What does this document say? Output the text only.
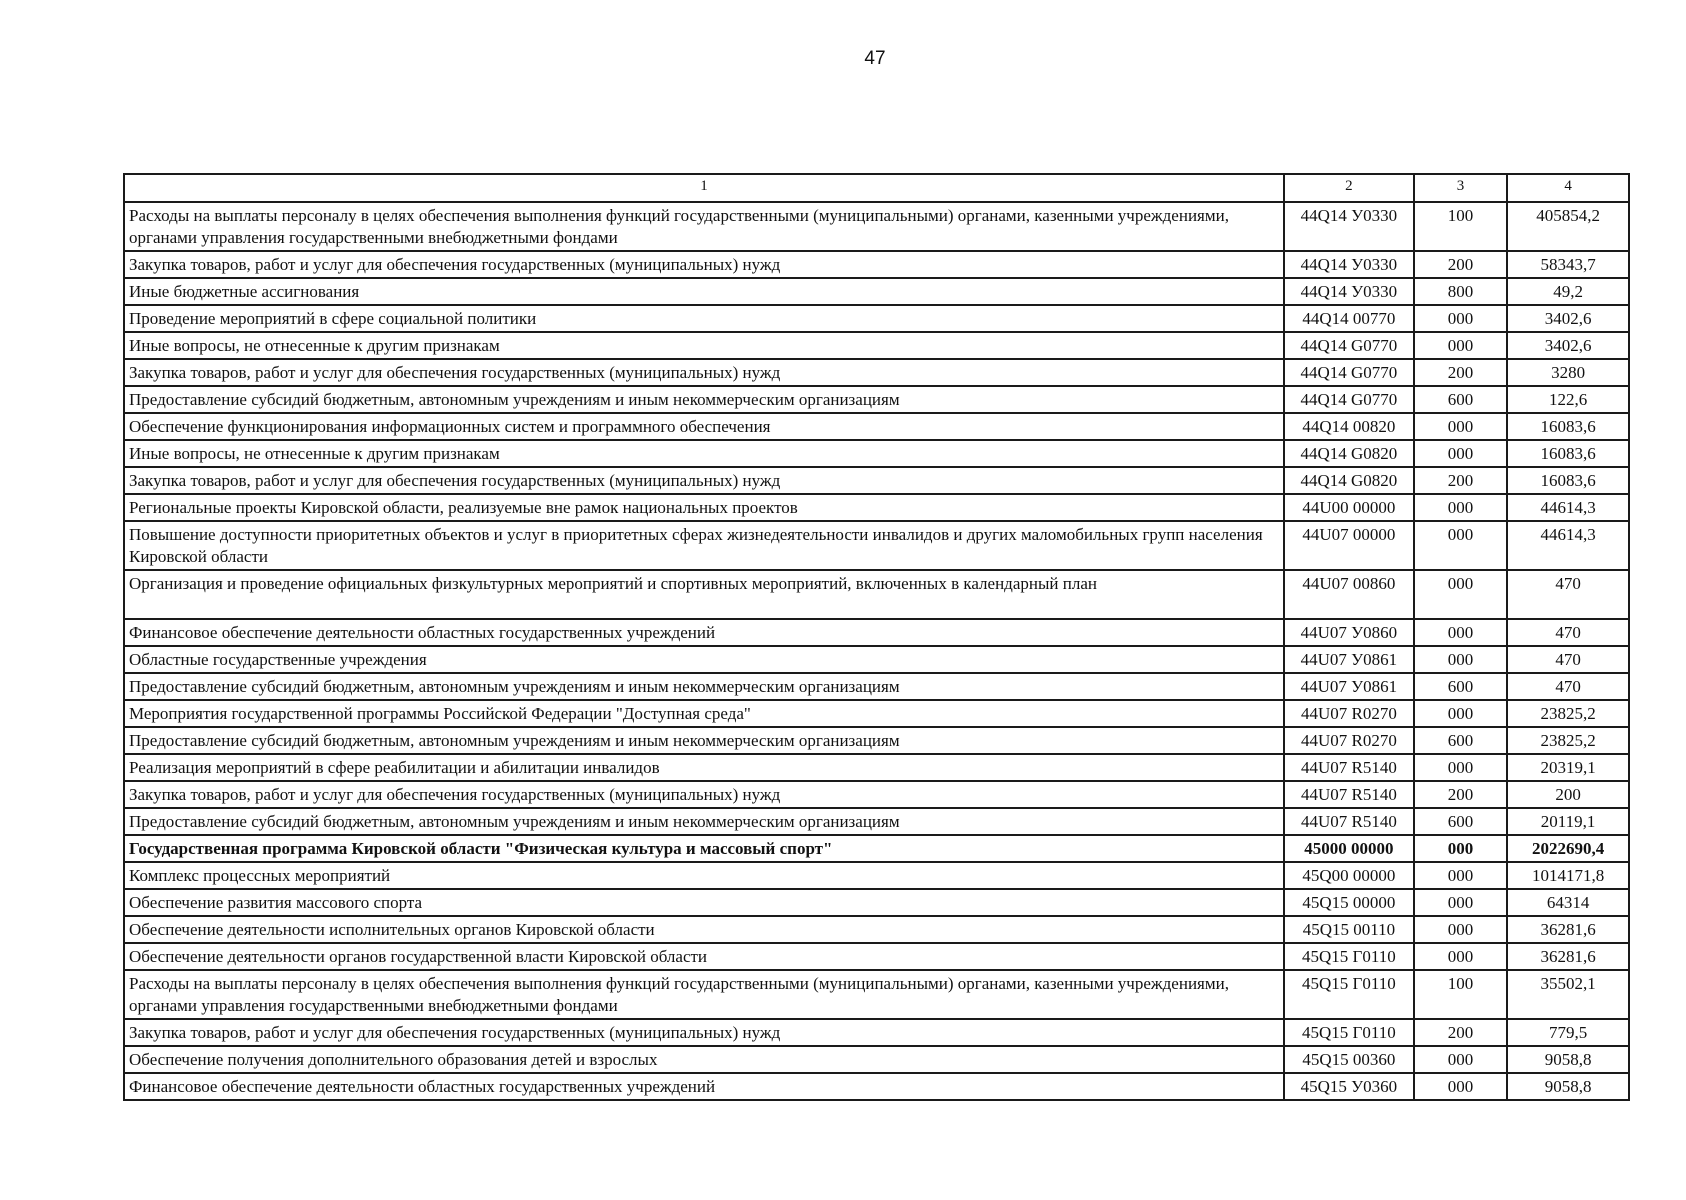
47
1	2	3	4
Расходы на выплаты персоналу в целях обеспечения выполнения функций государственными (муниципальными) органами, казенными учреждениями, органами управления государственными внебюджетными фондами	44Q14 У0330	100	405854,2
Закупка товаров, работ и услуг для обеспечения государственных (муниципальных) нужд	44Q14 У0330	200	58343,7
Иные бюджетные ассигнования	44Q14 У0330	800	49,2
Проведение мероприятий в сфере социальной политики	44Q14 00770	000	3402,6
Иные вопросы, не отнесенные к другим признакам	44Q14 G0770	000	3402,6
Закупка товаров, работ и услуг для обеспечения государственных (муниципальных) нужд	44Q14 G0770	200	3280
Предоставление субсидий бюджетным, автономным учреждениям и иным некоммерческим организациям	44Q14 G0770	600	122,6
Обеспечение функционирования информационных систем и программного обеспечения	44Q14 00820	000	16083,6
Иные вопросы, не отнесенные к другим признакам	44Q14 G0820	000	16083,6
Закупка товаров, работ и услуг для обеспечения государственных (муниципальных) нужд	44Q14 G0820	200	16083,6
Региональные проекты Кировской области, реализуемые вне рамок национальных проектов	44U00 00000	000	44614,3
Повышение доступности приоритетных объектов и услуг в приоритетных сферах жизнедеятельности инвалидов и других маломобильных групп населения Кировской области	44U07 00000	000	44614,3
Организация и проведение официальных физкультурных мероприятий и спортивных мероприятий, включенных в календарный план	44U07 00860	000	470
Финансовое обеспечение деятельности областных государственных учреждений	44U07 У0860	000	470
Областные государственные учреждения	44U07 У0861	000	470
Предоставление субсидий бюджетным, автономным учреждениям и иным некоммерческим организациям	44U07 У0861	600	470
Мероприятия государственной программы Российской Федерации "Доступная среда"	44U07 R0270	000	23825,2
Предоставление субсидий бюджетным, автономным учреждениям и иным некоммерческим организациям	44U07 R0270	600	23825,2
Реализация мероприятий в сфере реабилитации и абилитации инвалидов	44U07 R5140	000	20319,1
Закупка товаров, работ и услуг для обеспечения государственных (муниципальных) нужд	44U07 R5140	200	200
Предоставление субсидий бюджетным, автономным учреждениям и иным некоммерческим организациям	44U07 R5140	600	20119,1
Государственная программа Кировской области "Физическая культура и массовый спорт"	45000 00000	000	2022690,4
Комплекс процессных мероприятий	45Q00 00000	000	1014171,8
Обеспечение развития массового спорта	45Q15 00000	000	64314
Обеспечение деятельности исполнительных органов Кировской области	45Q15 00110	000	36281,6
Обеспечение деятельности органов государственной власти Кировской области	45Q15 Г0110	000	36281,6
Расходы на выплаты персоналу в целях обеспечения выполнения функций государственными (муниципальными) органами, казенными учреждениями, органами управления государственными внебюджетными фондами	45Q15 Г0110	100	35502,1
Закупка товаров, работ и услуг для обеспечения государственных (муниципальных) нужд	45Q15 Г0110	200	779,5
Обеспечение получения дополнительного образования детей и взрослых	45Q15 00360	000	9058,8
Финансовое обеспечение деятельности областных государственных учреждений	45Q15 У0360	000	9058,8
